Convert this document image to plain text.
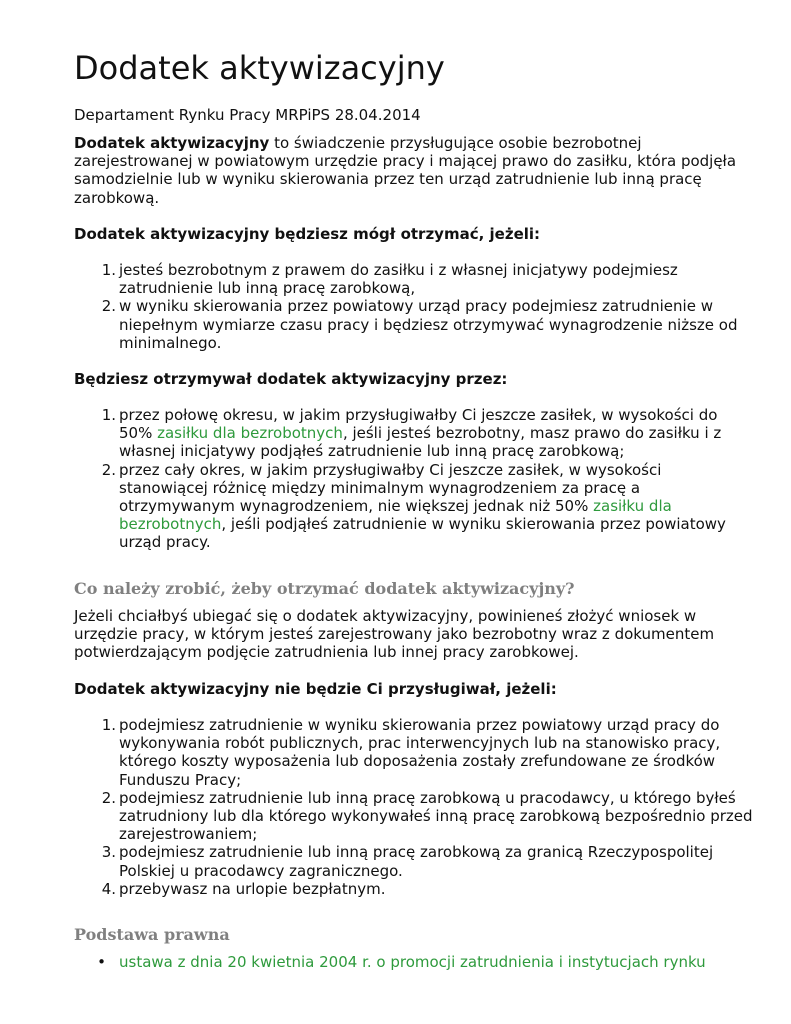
Dodatek aktywizacyjny

Departament Rynku Pracy MRPiPS 28.04.2014

Dodatek aktywizacyjny to świadczenie przysługujące osobie bezrobotnej zarejestrowanej w powiatowym urzędzie pracy i mającej prawo do zasiłku, która podjęła samodzielnie lub w wyniku skierowania przez ten urząd zatrudnienie lub inną pracę zarobkową.

Dodatek aktywizacyjny będziesz mógł otrzymać, jeżeli:

1. jesteś bezrobotnym z prawem do zasiłku i z własnej inicjatywy podejmiesz zatrudnienie lub inną pracę zarobkową,
2. w wyniku skierowania przez powiatowy urząd pracy podejmiesz zatrudnienie w niepełnym wymiarze czasu pracy i będziesz otrzymywać wynagrodzenie niższe od minimalnego.

Będziesz otrzymywał dodatek aktywizacyjny przez:

1. przez połowę okresu, w jakim przysługiwałby Ci jeszcze zasiłek, w wysokości do 50% zasiłku dla bezrobotnych, jeśli jesteś bezrobotny, masz prawo do zasiłku i z własnej inicjatywy podjąłeś zatrudnienie lub inną pracę zarobkową;
2. przez cały okres, w jakim przysługiwałby Ci jeszcze zasiłek, w wysokości stanowiącej różnicę między minimalnym wynagrodzeniem za pracę a otrzymywanym wynagrodzeniem, nie większej jednak niż 50% zasiłku dla bezrobotnych, jeśli podjąłeś zatrudnienie w wyniku skierowania przez powiatowy urząd pracy.
Co należy zrobić, żeby otrzymać dodatek aktywizacyjny?

Jeżeli chciałbyś ubiegać się o dodatek aktywizacyjny, powinieneś złożyć wniosek w urzędzie pracy, w którym jesteś zarejestrowany jako bezrobotny wraz z dokumentem potwierdzającym podjęcie zatrudnienia lub innej pracy zarobkowej.

Dodatek aktywizacyjny nie będzie Ci przysługiwał, jeżeli:

1. podejmiesz zatrudnienie w wyniku skierowania przez powiatowy urząd pracy do wykonywania robót publicznych, prac interwencyjnych lub na stanowisko pracy, którego koszty wyposażenia lub doposażenia zostały zrefundowane ze środków Funduszu Pracy;
2. podejmiesz zatrudnienie lub inną pracę zarobkową u pracodawcy, u którego byłeś zatrudniony lub dla którego wykonywałeś inną pracę zarobkową bezpośrednio przed zarejestrowaniem;
3. podejmiesz zatrudnienie lub inną pracę zarobkową za granicą Rzeczypospolitej Polskiej u pracodawcy zagranicznego.
4. przebywasz na urlopie bezpłatnym.
Podstawa prawna
• ustawa z dnia 20 kwietnia 2004 r. o promocji zatrudnienia i instytucjach rynku
